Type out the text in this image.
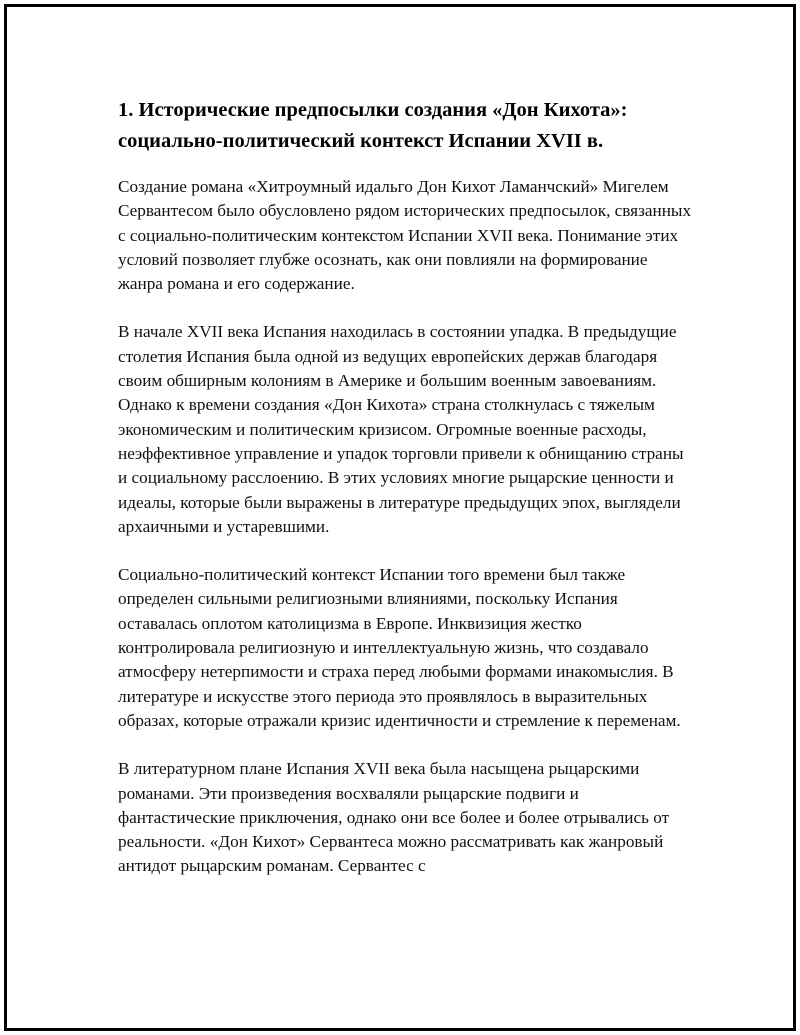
1. Исторические предпосылки создания «Дон Кихота»: социально-политический контекст Испании XVII в.

Создание романа «Хитроумный идальго Дон Кихот Ламанчский» Мигелем Сервантесом было обусловлено рядом исторических предпосылок, связанных с социально-политическим контекстом Испании XVII века. Понимание этих условий позволяет глубже осознать, как они повлияли на формирование жанра романа и его содержание.

В начале XVII века Испания находилась в состоянии упадка. В предыдущие столетия Испания была одной из ведущих европейских держав благодаря своим обширным колониям в Америке и большим военным завоеваниям. Однако к времени создания «Дон Кихота» страна столкнулась с тяжелым экономическим и политическим кризисом. Огромные военные расходы, неэффективное управление и упадок торговли привели к обнищанию страны и социальному расслоению. В этих условиях многие рыцарские ценности и идеалы, которые были выражены в литературе предыдущих эпох, выглядели архаичными и устаревшими.

Социально-политический контекст Испании того времени был также определен сильными религиозными влияниями, поскольку Испания оставалась оплотом католицизма в Европе. Инквизиция жестко контролировала религиозную и интеллектуальную жизнь, что создавало атмосферу нетерпимости и страха перед любыми формами инакомыслия. В литературе и искусстве этого периода это проявлялось в выразительных образах, которые отражали кризис идентичности и стремление к переменам.

В литературном плане Испания XVII века была насыщена рыцарскими романами. Эти произведения восхваляли рыцарские подвиги и фантастические приключения, однако они все более и более отрывались от реальности. «Дон Кихот» Сервантеса можно рассматривать как жанровый антидот рыцарским романам. Сервантес с
